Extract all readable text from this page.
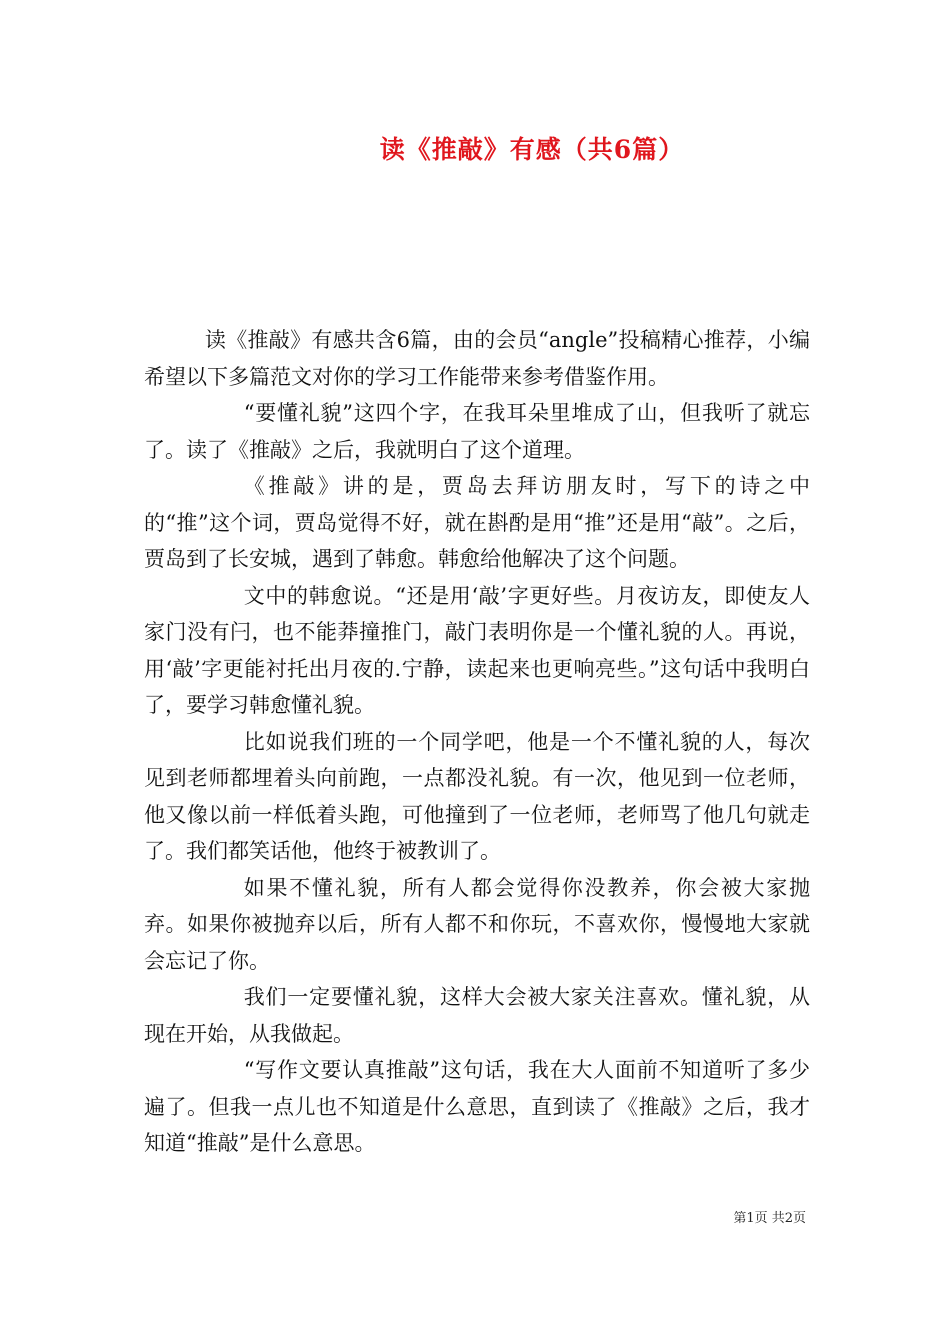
读《推敲》有感（共6篇）

读《推敲》有感共含6篇，由的会员“angle”投稿精心推荐，小编希望以下多篇范文对你的学习工作能带来参考借鉴作用。

“要懂礼貌”这四个字，在我耳朵里堆成了山，但我听了就忘了。读了《推敲》之后，我就明白了这个道理。

《推敲》讲的是，贾岛去拜访朋友时，写下的诗之中的“推”这个词，贾岛觉得不好，就在斟酌是用“推”还是用“敲”。之后，贾岛到了长安城，遇到了韩愈。韩愈给他解决了这个问题。

文中的韩愈说。“还是用‘敲’字更好些。月夜访友，即使友人家门没有闩，也不能莽撞推门，敲门表明你是一个懂礼貌的人。再说，用‘敲’字更能衬托出月夜的.宁静，读起来也更响亮些。”这句话中我明白了，要学习韩愈懂礼貌。

比如说我们班的一个同学吧，他是一个不懂礼貌的人，每次见到老师都埋着头向前跑，一点都没礼貌。有一次，他见到一位老师，他又像以前一样低着头跑，可他撞到了一位老师，老师骂了他几句就走了。我们都笑话他，他终于被教训了。

如果不懂礼貌，所有人都会觉得你没教养，你会被大家抛弃。如果你被抛弃以后，所有人都不和你玩，不喜欢你，慢慢地大家就会忘记了你。

我们一定要懂礼貌，这样大会被大家关注喜欢。懂礼貌，从现在开始，从我做起。

“写作文要认真推敲”这句话，我在大人面前不知道听了多少遍了。但我一点儿也不知道是什么意思，直到读了《推敲》之后，我才知道“推敲”是什么意思。

第1页 共2页
